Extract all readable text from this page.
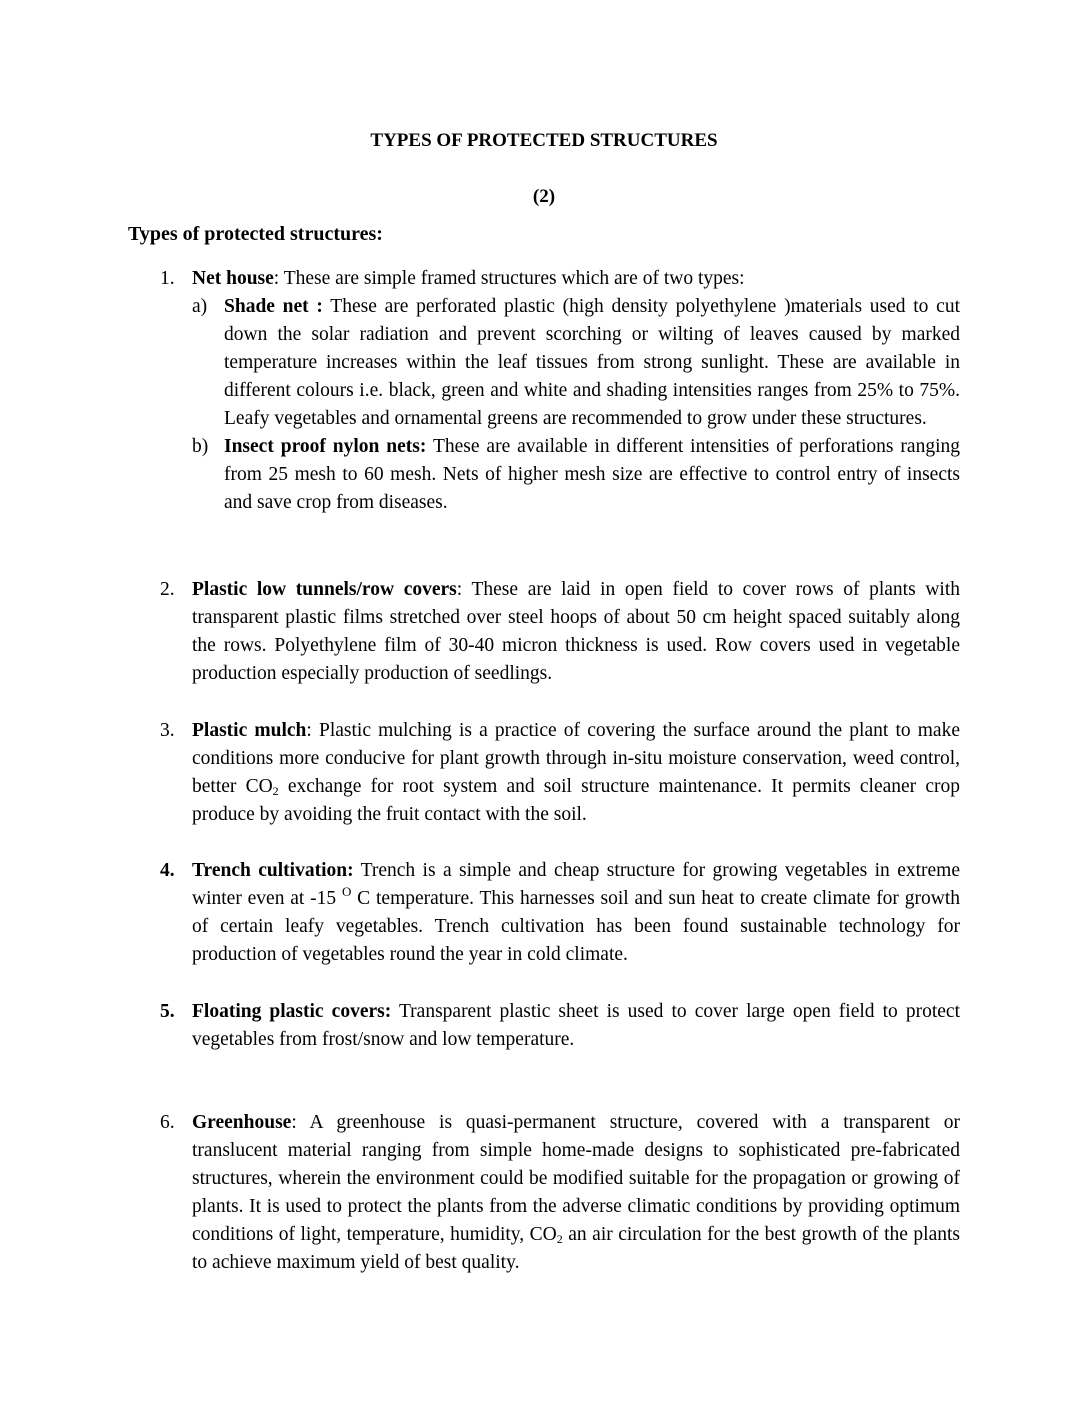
TYPES OF PROTECTED STRUCTURES
(2)
Types of protected structures:
1. Net house: These are simple framed structures which are of two types:
a) Shade net : These are perforated plastic (high density polyethylene )materials used to cut down the solar radiation and prevent scorching or wilting of leaves caused by marked temperature increases within the leaf tissues from strong sunlight. These are available in different colours i.e. black, green and white and shading intensities ranges from 25% to 75%. Leafy vegetables and ornamental greens are recommended to grow under these structures.
b) Insect proof nylon nets: These are available in different intensities of perforations ranging from 25 mesh to 60 mesh. Nets of higher mesh size are effective to control entry of insects and save crop from diseases.
2. Plastic low tunnels/row covers: These are laid in open field to cover rows of plants with transparent plastic films stretched over steel hoops of about 50 cm height spaced suitably along the rows. Polyethylene film of 30-40 micron thickness is used. Row covers used in vegetable production especially production of seedlings.
3. Plastic mulch: Plastic mulching is a practice of covering the surface around the plant to make conditions more conducive for plant growth through in-situ moisture conservation, weed control, better $CO_2$ exchange for root system and soil structure maintenance. It permits cleaner crop produce by avoiding the fruit contact with the soil.
4. Trench cultivation: Trench is a simple and cheap structure for growing vegetables in extreme winter even at -15 $^O$ C temperature. This harnesses soil and sun heat to create climate for growth of certain leafy vegetables. Trench cultivation has been found sustainable technology for production of vegetables round the year in cold climate.
5. Floating plastic covers: Transparent plastic sheet is used to cover large open field to protect vegetables from frost/snow and low temperature.
6. Greenhouse: A greenhouse is quasi-permanent structure, covered with a transparent or translucent material ranging from simple home-made designs to sophisticated pre-fabricated structures, wherein the environment could be modified suitable for the propagation or growing of plants. It is used to protect the plants from the adverse climatic conditions by providing optimum conditions of light, temperature, humidity, $CO_2$ an air circulation for the best growth of the plants to achieve maximum yield of best quality.
